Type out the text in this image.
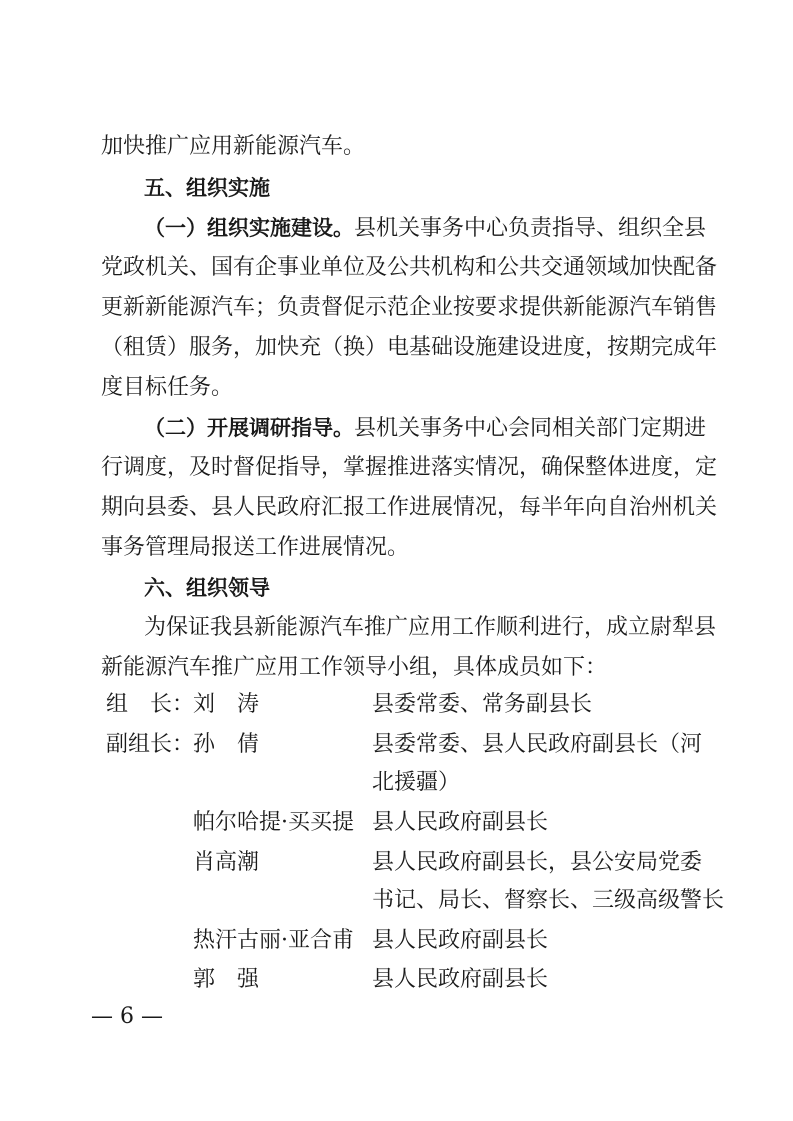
加快推广应用新能源汽车。
五、组织实施
（一）组织实施建设。县机关事务中心负责指导、组织全县
党政机关、国有企事业单位及公共机构和公共交通领域加快配备
更新新能源汽车；负责督促示范企业按要求提供新能源汽车销售
（租赁）服务，加快充（换）电基础设施建设进度，按期完成年
度目标任务。
（二）开展调研指导。县机关事务中心会同相关部门定期进
行调度，及时督促指导，掌握推进落实情况，确保整体进度，定
期向县委、县人民政府汇报工作进展情况，每半年向自治州机关
事务管理局报送工作进展情况。
六、组织领导
为保证我县新能源汽车推广应用工作顺利进行，成立尉犁县
新能源汽车推广应用工作领导小组，具体成员如下：
组　长：
刘　涛	县委常委、常务副县长
副组长：
孙　倩	县委常委、县人民政府副县长（河
北援疆）
帕尔哈提·买买提 县人民政府副县长
肖高潮	县人民政府副县长，县公安局党委
书记、局长、督察长、三级高级警长
热汗古丽·亚合甫 县人民政府副县长
郭　强	县人民政府副县长
— 6 —
